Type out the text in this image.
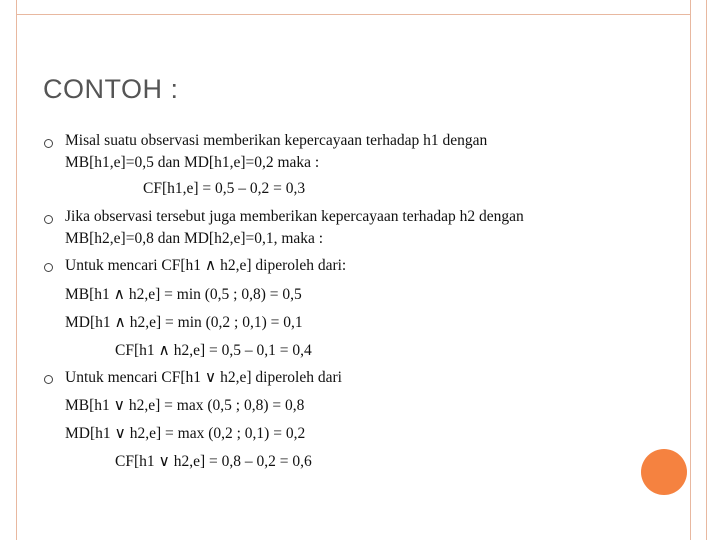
CONTOH :
Misal suatu observasi memberikan kepercayaan terhadap h1 dengan
MB[h1,e]=0,5 dan MD[h1,e]=0,2 maka :
CF[h1,e] = 0,5 – 0,2 = 0,3
Jika observasi tersebut juga memberikan kepercayaan terhadap h2 dengan
MB[h2,e]=0,8 dan MD[h2,e]=0,1, maka :
Untuk mencari CF[h1 ∧ h2,e] diperoleh dari:
MB[h1 ∧ h2,e] = min (0,5 ; 0,8) = 0,5
MD[h1 ∧ h2,e] = min (0,2 ; 0,1) = 0,1
CF[h1 ∧ h2,e] = 0,5 – 0,1 = 0,4
Untuk mencari CF[h1 ∨ h2,e] diperoleh dari
MB[h1 ∨ h2,e] = max (0,5 ; 0,8) = 0,8
MD[h1 ∨ h2,e] = max (0,2 ; 0,1) = 0,2
CF[h1 ∨ h2,e] = 0,8 – 0,2 = 0,6
